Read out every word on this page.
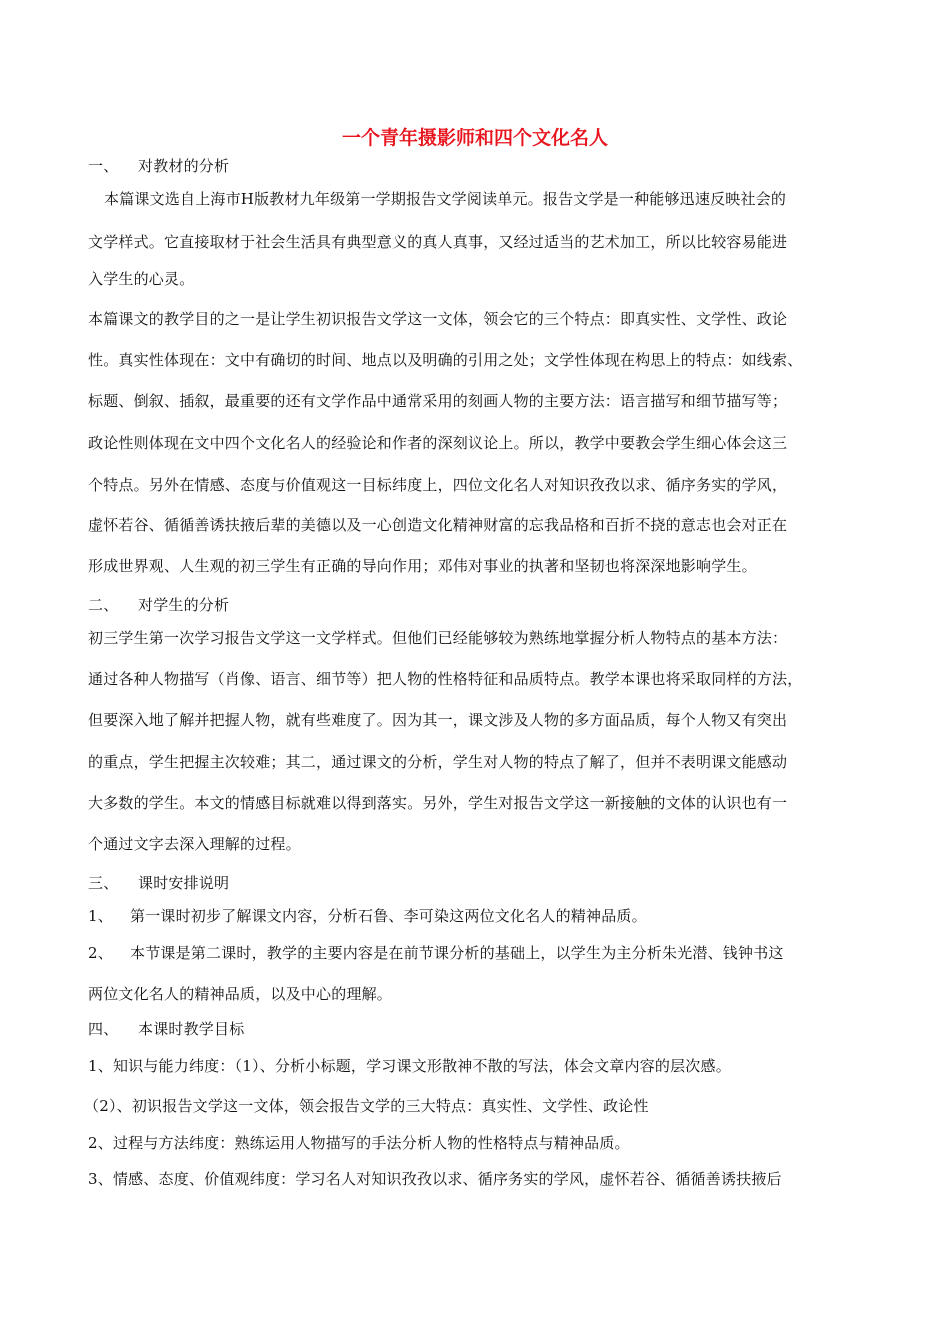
一个青年摄影师和四个文化名人
一、 对教材的分析
本篇课文选自上海市H版教材九年级第一学期报告文学阅读单元。报告文学是一种能够迅速反映社会的
文学样式。它直接取材于社会生活具有典型意义的真人真事，又经过适当的艺术加工，所以比较容易能进
入学生的心灵。
本篇课文的教学目的之一是让学生初识报告文学这一文体，领会它的三个特点：即真实性、文学性、政论
性。真实性体现在：文中有确切的时间、地点以及明确的引用之处；文学性体现在构思上的特点：如线索、
标题、倒叙、插叙，最重要的还有文学作品中通常采用的刻画人物的主要方法：语言描写和细节描写等；
政论性则体现在文中四个文化名人的经验论和作者的深刻议论上。所以，教学中要教会学生细心体会这三
个特点。另外在情感、态度与价值观这一目标纬度上，四位文化名人对知识孜孜以求、循序务实的学风，
虚怀若谷、循循善诱扶掖后辈的美德以及一心创造文化精神财富的忘我品格和百折不挠的意志也会对正在
形成世界观、人生观的初三学生有正确的导向作用；邓伟对事业的执著和坚韧也将深深地影响学生。
二、 对学生的分析
初三学生第一次学习报告文学这一文学样式。但他们已经能够较为熟练地掌握分析人物特点的基本方法：
通过各种人物描写（肖像、语言、细节等）把人物的性格特征和品质特点。教学本课也将采取同样的方法，
但要深入地了解并把握人物，就有些难度了。因为其一，课文涉及人物的多方面品质，每个人物又有突出
的重点，学生把握主次较难；其二，通过课文的分析，学生对人物的特点了解了，但并不表明课文能感动
大多数的学生。本文的情感目标就难以得到落实。另外，学生对报告文学这一新接触的文体的认识也有一
个通过文字去深入理解的过程。
三、 课时安排说明
1、 第一课时初步了解课文内容，分析石鲁、李可染这两位文化名人的精神品质。
2、 本节课是第二课时，教学的主要内容是在前节课分析的基础上，以学生为主分析朱光潜、钱钟书这
两位文化名人的精神品质，以及中心的理解。
四、 本课时教学目标
1、知识与能力纬度：（1）、分析小标题，学习课文形散神不散的写法，体会文章内容的层次感。
（2）、初识报告文学这一文体，领会报告文学的三大特点：真实性、文学性、政论性
2、过程与方法纬度：熟练运用人物描写的手法分析人物的性格特点与精神品质。
3、情感、态度、价值观纬度：学习名人对知识孜孜以求、循序务实的学风，虚怀若谷、循循善诱扶掖后
